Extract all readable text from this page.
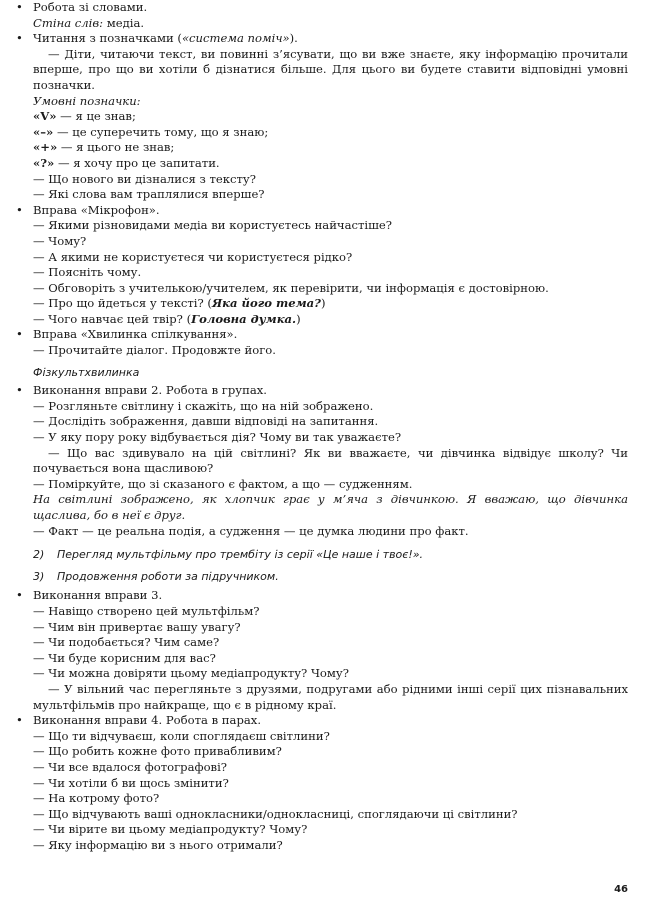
• Робота зі словами.
Стіна слів: медіа.
• Читання з позначками («система поміч»).
— Діти, читаючи текст, ви повинні з’ясувати, що ви вже знаєте, яку інформацію прочитали вперше, про що ви хотіли б дізнатися більше. Для цього ви будете ставити відповідні умовні позначки.
Умовні позначки:
«V» — я це знав;
«–» — це суперечить тому, що я знаю;
«+» — я цього не знав;
«?» — я хочу про це запитати.
— Що нового ви дізналися з тексту?
— Які слова вам траплялися вперше?
• Вправа «Мікрофон».
— Якими різновидами медіа ви користуєтесь найчастіше?
— Чому?
— А якими не користуєтеся чи користуєтеся рідко?
— Поясніть чому.
— Обговоріть з учителькою/учителем, як перевірити, чи інформація є достовірною.
— Про що йдеться у тексті? (Яка його тема?)
— Чого навчає цей твір? (Головна думка.)
• Вправа «Хвилинка спілкування».
— Прочитайте діалог. Продовжте його.
Фізкультхвилинка
• Виконання вправи 2. Робота в групах.
— Розгляньте світлину і скажіть, що на ній зображено.
— Дослідіть зображення, давши відповіді на запитання.
— У яку пору року відбувається дія? Чому ви так уважаєте?
— Що вас здивувало на цій світлині? Як ви вважаєте, чи дівчинка відвідує школу? Чи почувається вона щасливою?
— Поміркуйте, що зі сказаного є фактом, а що — судженням.
На світлині зображено, як хлопчик грає у м’яча з дівчинкою. Я вважаю, що дівчинка щаслива, бо в неї є друг.
— Факт — це реальна подія, а судження — це думка людини про факт.
2) Перегляд мультфільму про трембіту із серії «Це наше і твоє!».
3) Продовження роботи за підручником.
• Виконання вправи 3.
— Навіщо створено цей мультфільм?
— Чим він привертає вашу увагу?
— Чи подобається? Чим саме?
— Чи буде корисним для вас?
— Чи можна довіряти цьому медіапродукту? Чому?
— У вільний час перегляньте з друзями, подругами або рідними інші серії цих пізнавальних мультфільмів про найкраще, що є в рідному краї.
• Виконання вправи 4. Робота в парах.
— Що ти відчуваєш, коли споглядаєш світлини?
— Що робить кожне фото привабливим?
— Чи все вдалося фотографові?
— Чи хотіли б ви щось змінити?
— На котрому фото?
— Що відчувають ваші однокласники/однокласниці, споглядаючи ці світлини?
— Чи вірите ви цьому медіапродукту? Чому?
— Яку інформацію ви з нього отримали?
46
